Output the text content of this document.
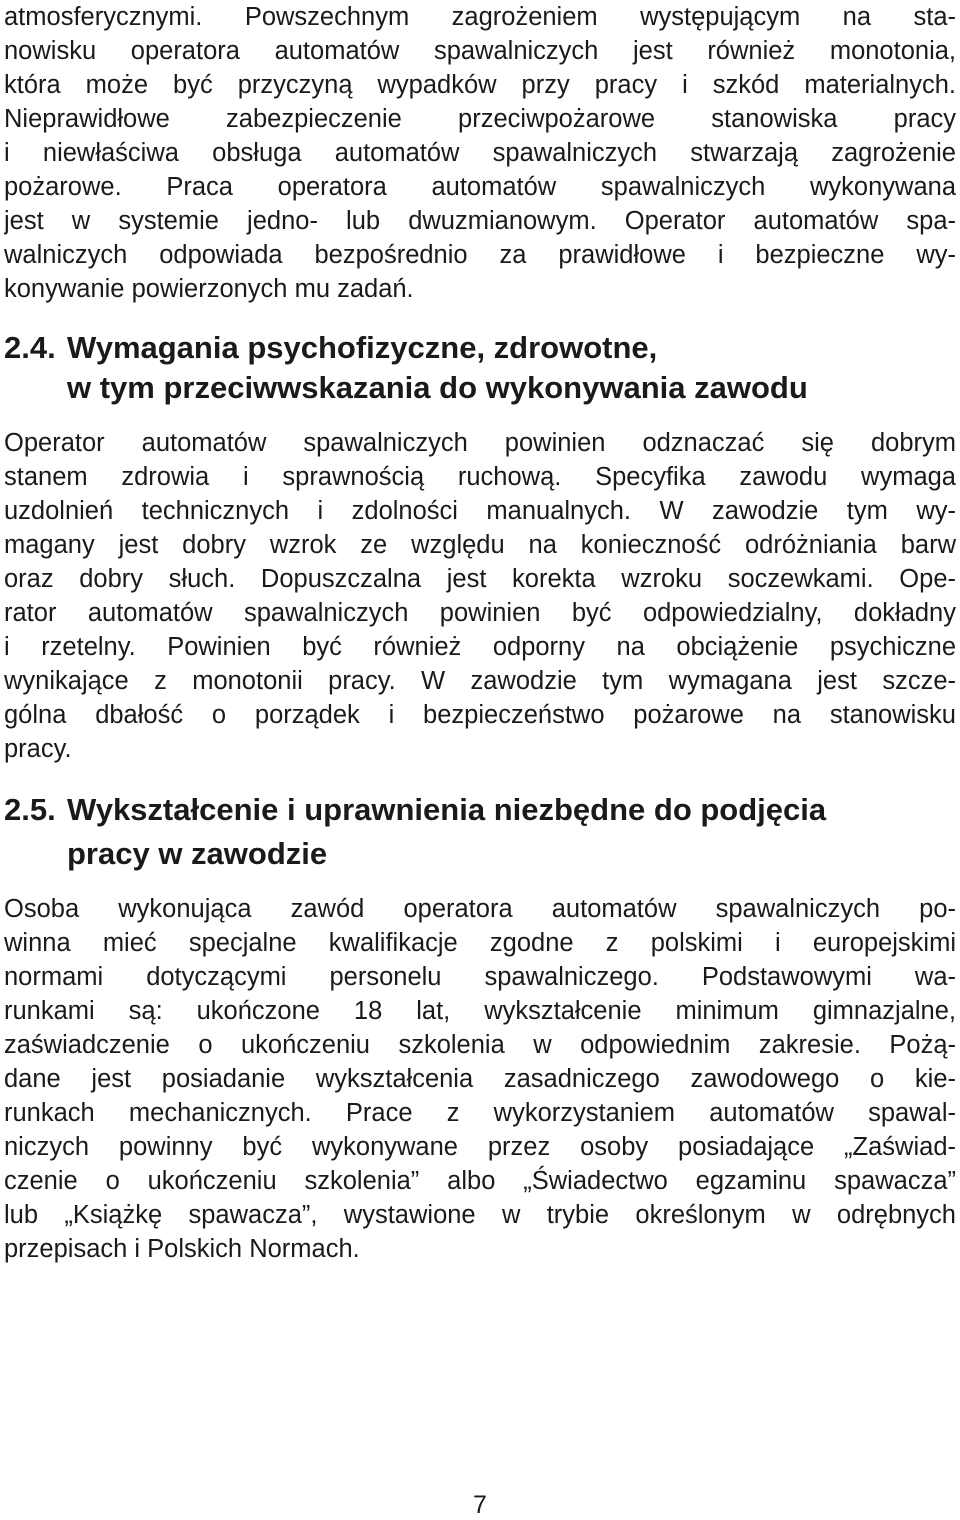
atmosferycznymi. Powszechnym zagrożeniem występującym na sta-

nowisku operatora automatów spawalniczych jest również monotonia,

która może być przyczyną wypadków przy pracy i szkód materialnych.

Nieprawidłowe zabezpieczenie przeciwpożarowe stanowiska pracy

i niewłaściwa obsługa automatów spawalniczych stwarzają zagrożenie

pożarowe. Praca operatora automatów spawalniczych wykonywana

jest w systemie jedno- lub dwuzmianowym. Operator automatów spa-

walniczych odpowiada bezpośrednio za prawidłowe i bezpieczne wy-

konywanie powierzonych mu zadań.

2.4. Wymagania psychofizyczne, zdrowotne,

w tym przeciwwskazania do wykonywania zawodu

Operator automatów spawalniczych powinien odznaczać się dobrym

stanem zdrowia i sprawnością ruchową. Specyfika zawodu wymaga

uzdolnień technicznych i zdolności manualnych. W zawodzie tym wy-

magany jest dobry wzrok ze względu na konieczność odróżniania barw

oraz dobry słuch. Dopuszczalna jest korekta wzroku soczewkami. Ope-

rator automatów spawalniczych powinien być odpowiedzialny, dokładny

i rzetelny. Powinien być również odporny na obciążenie psychiczne

wynikające z monotonii pracy. W zawodzie tym wymagana jest szcze-

gólna dbałość o porządek i bezpieczeństwo pożarowe na stanowisku

pracy.

2.5. Wykształcenie i uprawnienia niezbędne do podjęcia

pracy w zawodzie

Osoba wykonująca zawód operatora automatów spawalniczych po-

winna mieć specjalne kwalifikacje zgodne z polskimi i europejskimi

normami dotyczącymi personelu spawalniczego. Podstawowymi wa-

runkami są: ukończone 18 lat, wykształcenie minimum gimnazjalne,

zaświadczenie o ukończeniu szkolenia w odpowiednim zakresie. Pożą-

dane jest posiadanie wykształcenia zasadniczego zawodowego o kie-

runkach mechanicznych. Prace z wykorzystaniem automatów spawal-

niczych powinny być wykonywane przez osoby posiadające „Zaświad-

czenie o ukończeniu szkolenia” albo „Świadectwo egzaminu spawacza”

lub „Książkę spawacza”, wystawione w trybie określonym w odrębnych

przepisach i Polskich Normach.

7
